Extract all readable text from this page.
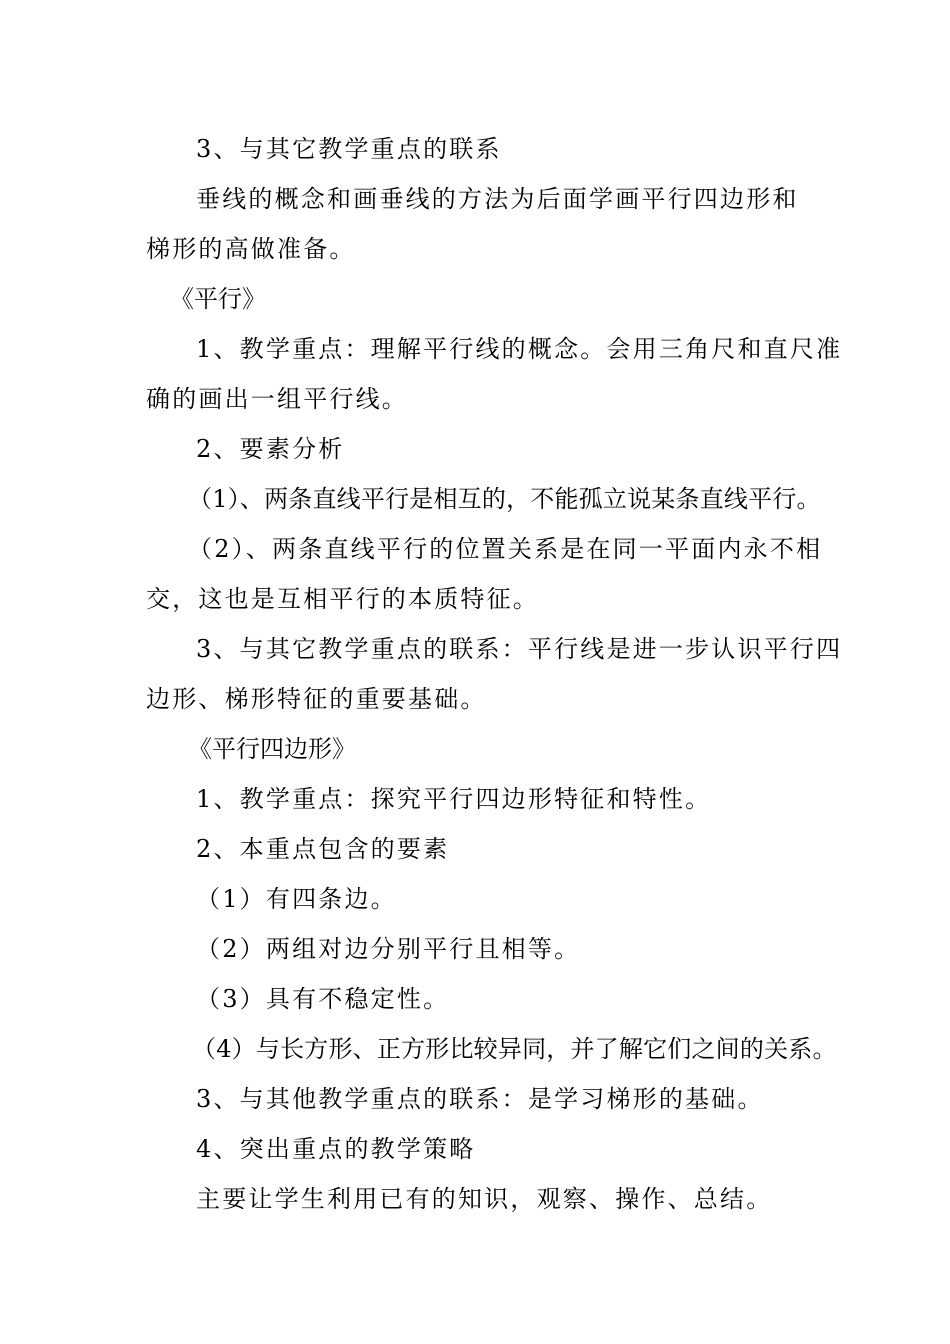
3、与其它教学重点的联系
垂线的概念和画垂线的方法为后面学画平行四边形和
梯形的高做准备。
《平行》
1、教学重点：理解平行线的概念。会用三角尺和直尺准
确的画出一组平行线。
2、要素分析
（1）、两条直线平行是相互的，不能孤立说某条直线平行。
（2）、两条直线平行的位置关系是在同一平面内永不相
交，这也是互相平行的本质特征。
3、与其它教学重点的联系：平行线是进一步认识平行四
边形、梯形特征的重要基础。
《平行四边形》
1、教学重点：探究平行四边形特征和特性。
2、本重点包含的要素
（1）有四条边。
（2）两组对边分别平行且相等。
（3）具有不稳定性。
（4）与长方形、正方形比较异同，并了解它们之间的关系。
3、与其他教学重点的联系：是学习梯形的基础。
4、突出重点的教学策略
主要让学生利用已有的知识，观察、操作、总结。
